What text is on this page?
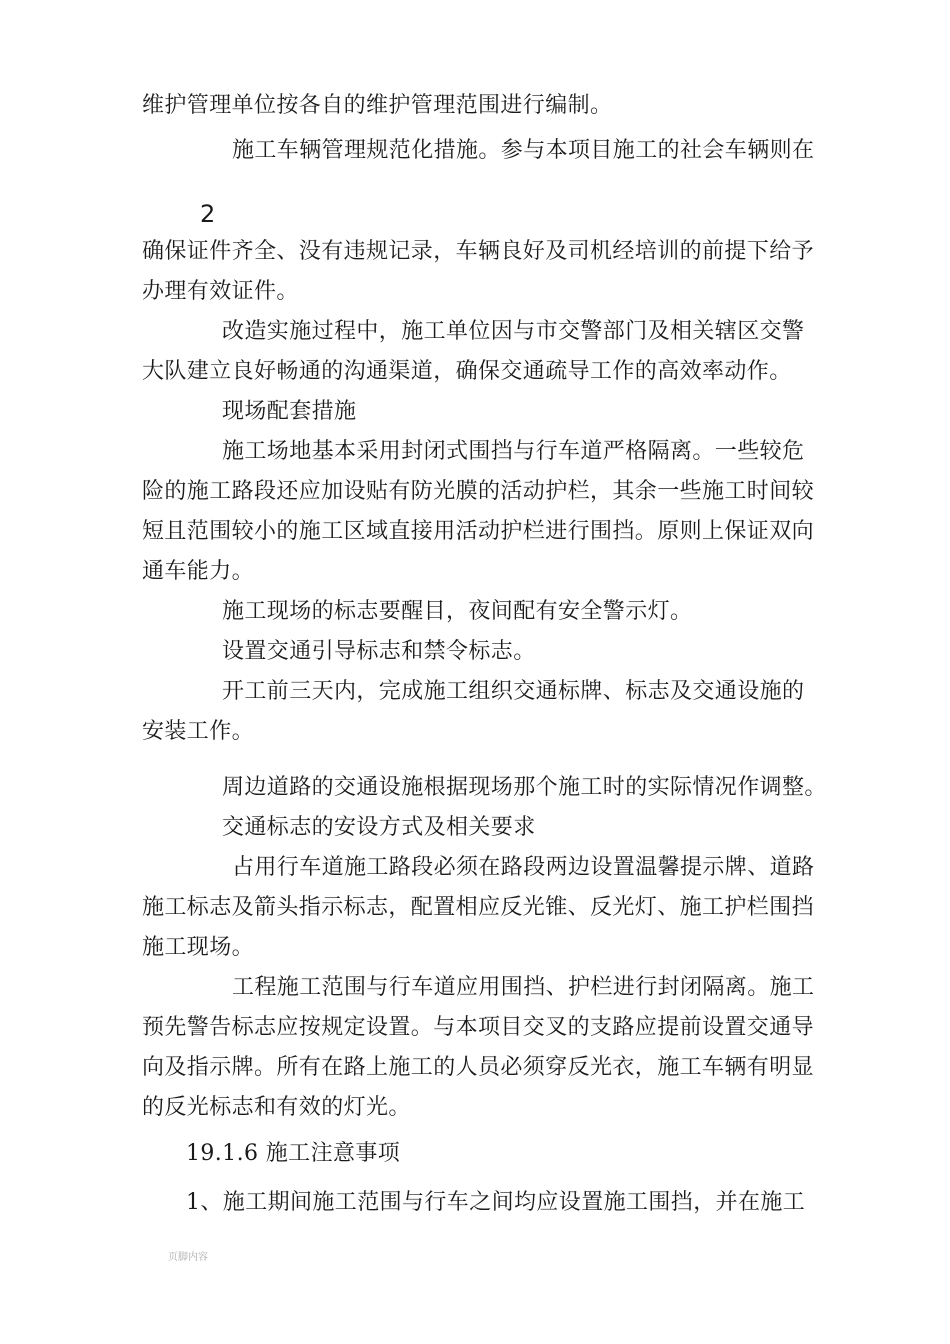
维护管理单位按各自的维护管理范围进行编制。
施工车辆管理规范化措施。参与本项目施工的社会车辆则在
2
确保证件齐全、没有违规记录，车辆良好及司机经培训的前提下给予
办理有效证件。
改造实施过程中，施工单位因与市交警部门及相关辖区交警
大队建立良好畅通的沟通渠道，确保交通疏导工作的高效率动作。
现场配套措施
施工场地基本采用封闭式围挡与行车道严格隔离。一些较危
险的施工路段还应加设贴有防光膜的活动护栏，其余一些施工时间较
短且范围较小的施工区域直接用活动护栏进行围挡。原则上保证双向
通车能力。
施工现场的标志要醒目，夜间配有安全警示灯。
设置交通引导标志和禁令标志。
开工前三天内，完成施工组织交通标牌、标志及交通设施的
安装工作。
周边道路的交通设施根据现场那个施工时的实际情况作调整。
交通标志的安设方式及相关要求
占用行车道施工路段必须在路段两边设置温馨提示牌、道路
施工标志及箭头指示标志，配置相应反光锥、反光灯、施工护栏围挡
施工现场。
工程施工范围与行车道应用围挡、护栏进行封闭隔离。施工
预先警告标志应按规定设置。与本项目交叉的支路应提前设置交通导
向及指示牌。所有在路上施工的人员必须穿反光衣，施工车辆有明显
的反光标志和有效的灯光。
19.1.6 施工注意事项
1、施工期间施工范围与行车之间均应设置施工围挡，并在施工
页脚内容
